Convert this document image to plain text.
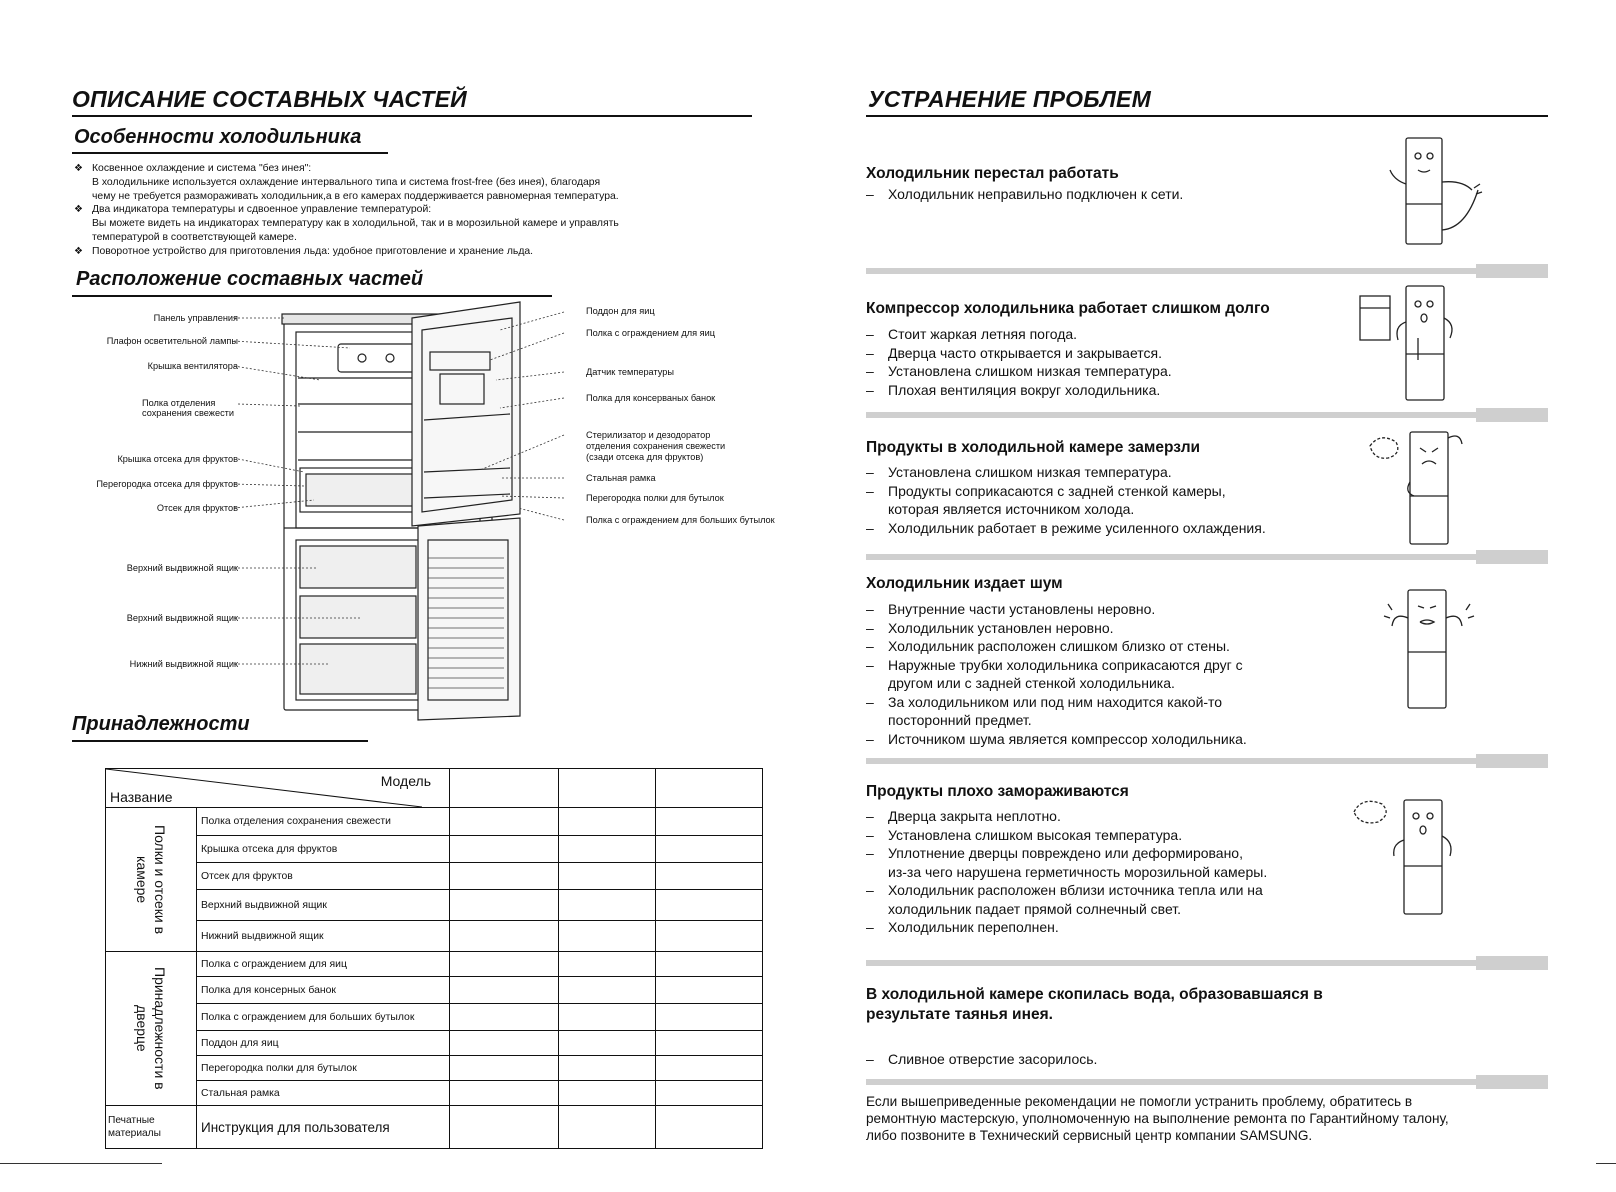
ОПИСАНИЕ СОСТАВНЫХ ЧАСТЕЙ
Особенности холодильника
❖ Косвенное охлаждение и система "без инея":
В холодильнике используется охлаждение интервального типа и система frost-free (без инея), благодаря
чему не требуется размораживать холодильник,а в его камерах поддерживается равномерная температура.
❖ Два индикатора температуры и сдвоенное управление температурой:
Вы можете видеть на индикаторах температуру как в холодильной, так и в морозильной камере и управлять
температурой в соответствующей камере.
❖ Поворотное устройство для приготовления льда: удобное приготовление и хранение льда.
Расположение составных частей
Панель управления
Плафон осветительной лампы
Крышка вентилятора
Полка отделения
сохранения свежести
Крышка отсека для фруктов
Перегородка отсека для фруктов
Отсек для фруктов
Верхний выдвижной ящик
Верхний выдвижной ящик
Нижний выдвижной ящик
Поддон для яиц
Полка с ограждением для яиц
Датчик температуры
Полка для консерваных банок
Стерилизатор и дезодоратор
отделения сохранения свежести
(сзади отсека для фруктов)
Стальная рамка
Перегородка полки для бутылок
Полка с ограждением для больших бутылок
Принадлежности
Модель
Название				

Полки и отсеки в камере	Полка отделения сохранения свежести			
	Крышка отсека для фруктов			
	Отсек для фруктов			
	Верхний выдвижной ящик			
	Нижний выдвижной ящик			
Принадлежности в дверце	Полка с ограждением для яиц			
	Полка для консерных банок			
	Полка с ограждением для больших бутылок			
	Поддон для яиц			
	Перегородка полки для бутылок			
	Стальная рамка			
Печатные материалы	Инструкция для пользователя			
УСТРАНЕНИЕ ПРОБЛЕМ
Холодильник перестал работать
– Холодильник неправильно подключен к сети.
Компрессор холодильника работает слишком долго
– Стоит жаркая летняя погода.
– Дверца часто открывается и закрывается.
– Установлена слишком низкая температура.
– Плохая вентиляция вокруг холодильника.
Продукты в холодильной камере замерзли
– Установлена слишком низкая температура.
– Продукты соприкасаются с задней стенкой камеры,
которая является источником холода.
– Холодильник работает в режиме усиленного охлаждения.
Холодильник издает шум
– Внутренние части установлены неровно.
– Холодильник установлен неровно.
– Холодильник расположен слишком близко от стены.
– Наружные трубки холодильника соприкасаются друг с
другом или с задней стенкой холодильника.
– За холодильником или под ним находится какой-то
посторонний предмет.
– Источником шума является компрессор холодильника.
Продукты плохо замораживаются
– Дверца закрыта неплотно.
– Установлена слишком высокая температура.
– Уплотнение дверцы повреждено или деформировано,
из-за чего нарушена герметичность морозильной камеры.
– Холодильник расположен вблизи источника тепла или на
холодильник падает прямой солнечный свет.
– Холодильник переполнен.
В холодильной камере скопилась вода, образовавшаяся в
результате таянья инея.
– Сливное отверстие засорилось.
Если вышеприведенные рекомендации не помогли устранить проблему, обратитесь в
ремонтную мастерскую, уполномоченную на выполнение ремонта по Гарантийному талону,
либо позвоните в Технический сервисный центр компании SAMSUNG.
